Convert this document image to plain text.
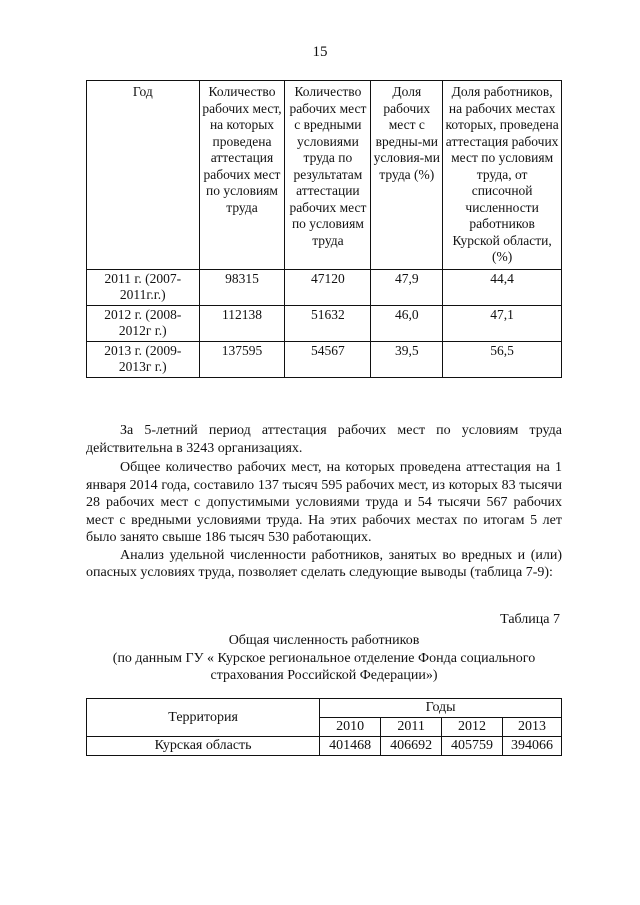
15
Год	Количество рабочих мест, на которых проведена аттестация рабочих мест по условиям труда	Количество рабочих мест с вредными условиями труда по результатам аттестации рабочих мест по условиям труда	Доля рабочих мест с вредны-ми условия-ми труда (%)	Доля работников, на рабочих местах которых, проведена аттестация рабочих мест по условиям труда, от списочной численности работников Курской области, (%)
2011 г. (2007-2011г.г.)	98315	47120	47,9	44,4
2012 г. (2008-2012г г.)	112138	51632	46,0	47,1
2013 г. (2009-2013г г.)	137595	54567	39,5	56,5

За 5-летний период аттестация рабочих мест по условиям труда действительна в 3243 организациях.

Общее количество рабочих мест, на которых проведена аттестация на 1 января 2014 года, составило 137 тысяч 595 рабочих мест, из которых 83 тысячи 28 рабочих мест с допустимыми условиями труда и 54 тысячи 567 рабочих мест с вредными условиями труда. На этих рабочих местах по итогам 5 лет было занято свыше 186 тысяч 530 работающих.

Анализ удельной численности работников, занятых во вредных и (или) опасных условиях труда, позволяет сделать следующие выводы (таблица 7-9):

Таблица 7
Общая численность работников
(по данным ГУ « Курское региональное отделение Фонда социального страхования Российской Федерации»)
Территория	Годы			
	2010	2011	2012	2013
Курская область	401468	406692	405759	394066
